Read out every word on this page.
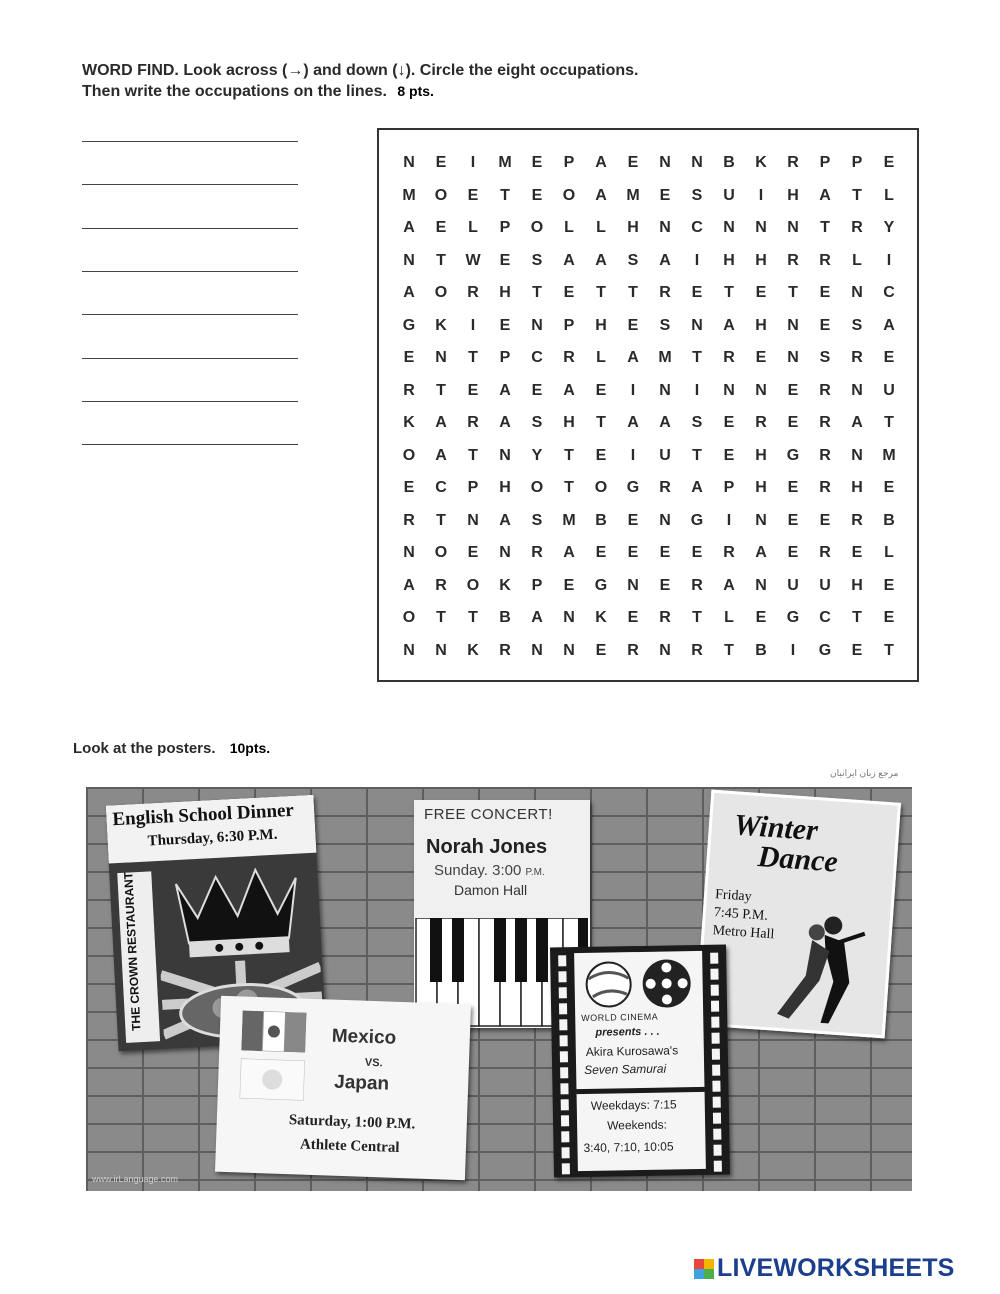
WORD FIND. Look across (→) and down (↓). Circle the eight occupations.
Then write the occupations on the lines. 8 pts.
N	E	I	M	E	P	A	E	N	N	B	K	R	P	P	E
M	O	E	T	E	O	A	M	E	S	U	I	H	A	T	L
A	E	L	P	O	L	L	H	N	C	N	N	N	T	R	Y
N	T	W	E	S	A	A	S	A	I	H	H	R	R	L	I
A	O	R	H	T	E	T	T	R	E	T	E	T	E	N	C
G	K	I	E	N	P	H	E	S	N	A	H	N	E	S	A
E	N	T	P	C	R	L	A	M	T	R	E	N	S	R	E
R	T	E	A	E	A	E	I	N	I	N	N	E	R	N	U
K	A	R	A	S	H	T	A	A	S	E	R	E	R	A	T
O	A	T	N	Y	T	E	I	U	T	E	H	G	R	N	M
E	C	P	H	O	T	O	G	R	A	P	H	E	R	H	E
R	T	N	A	S	M	B	E	N	G	I	N	E	E	R	B
N	O	E	N	R	A	E	E	E	E	R	A	E	R	E	L
A	R	O	K	P	E	G	N	E	R	A	N	U	U	H	E
O	T	T	B	A	N	K	E	R	T	L	E	G	C	T	E
N	N	K	R	N	N	E	R	N	R	T	B	I	G	E	T
Look at the posters. 10pts.
مرجع زبان ایرانیان
www.irLanguage.com
English School Dinner
Thursday, 6:30 P.M.
THE CROWN RESTAURANT
FREE CONCERT!
Norah Jones
Sunday. 3:00 P.M.
Damon Hall
Winter
Dance
Friday
7:45 P.M.
Metro Hall
Mexico
VS.
Japan
Saturday, 1:00 P.M.
Athlete Central
WORLD CINEMA
presents . . .
Akira Kurosawa's
Seven Samurai
Weekdays: 7:15
Weekends:
3:40, 7:10, 10:05
LIVEWORKSHEETS
